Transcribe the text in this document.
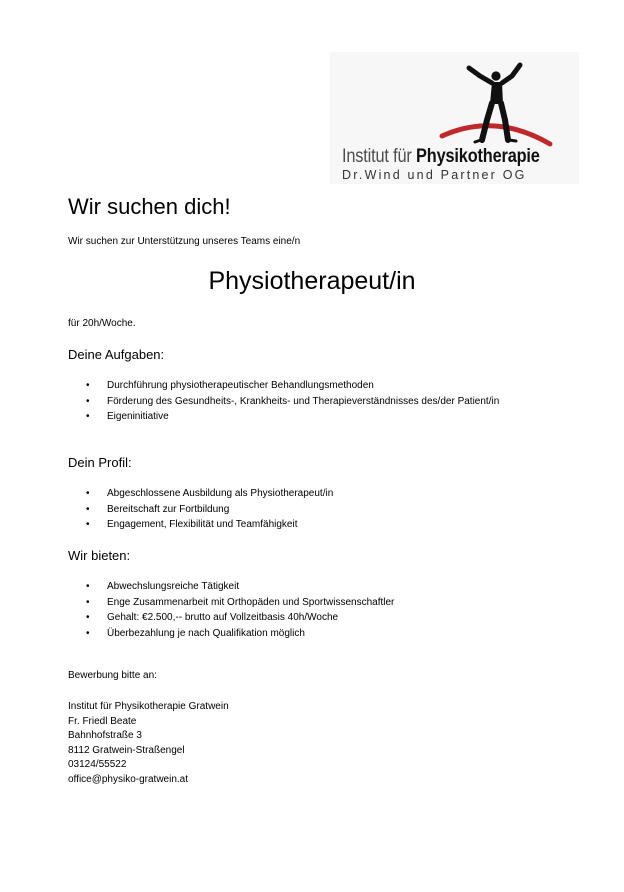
Institut für Physikotherapie
Dr.Wind und Partner OG
Wir suchen dich!
Wir suchen zur Unterstützung unseres Teams eine/n
Physiotherapeut/in
für 20h/Woche.
Deine Aufgaben:
• Durchführung physiotherapeutischer Behandlungsmethoden
• Förderung des Gesundheits-, Krankheits- und Therapieverständnisses des/der Patient/in
• Eigeninitiative
Dein Profil:
• Abgeschlossene Ausbildung als Physiotherapeut/in
• Bereitschaft zur Fortbildung
• Engagement, Flexibilität und Teamfähigkeit
Wir bieten:
• Abwechslungsreiche Tätigkeit
• Enge Zusammenarbeit mit Orthopäden und Sportwissenschaftler
• Gehalt: €2.500,-- brutto auf Vollzeitbasis 40h/Woche
• Überbezahlung je nach Qualifikation möglich
Bewerbung bitte an:
Institut für Physikotherapie Gratwein
Fr. Friedl Beate
Bahnhofstraße 3
8112 Gratwein-Straßengel
03124/55522
office@physiko-gratwein.at
